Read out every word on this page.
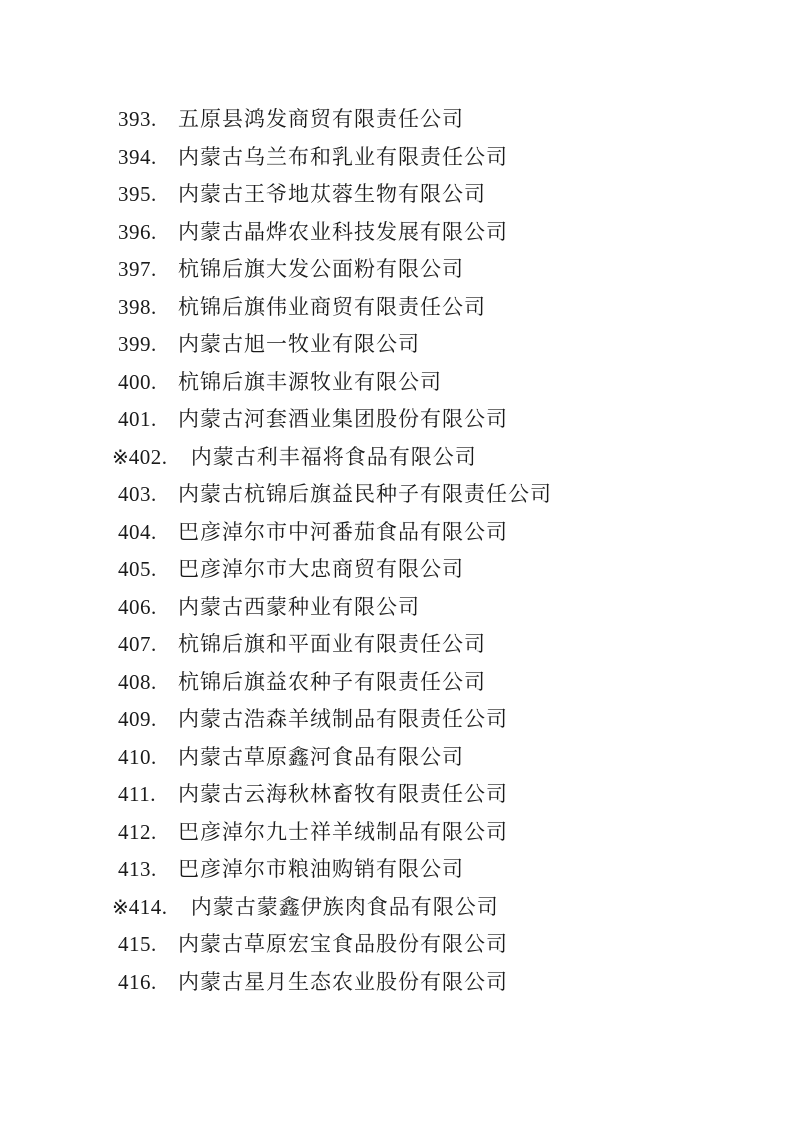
393. 五原县鸿发商贸有限责任公司
394. 内蒙古乌兰布和乳业有限责任公司
395. 内蒙古王爷地苁蓉生物有限公司
396. 内蒙古晶烨农业科技发展有限公司
397. 杭锦后旗大发公面粉有限公司
398. 杭锦后旗伟业商贸有限责任公司
399. 内蒙古旭一牧业有限公司
400. 杭锦后旗丰源牧业有限公司
401. 内蒙古河套酒业集团股份有限公司
※402. 内蒙古利丰福将食品有限公司
403. 内蒙古杭锦后旗益民种子有限责任公司
404. 巴彦淖尔市中河番茄食品有限公司
405. 巴彦淖尔市大忠商贸有限公司
406. 内蒙古西蒙种业有限公司
407. 杭锦后旗和平面业有限责任公司
408. 杭锦后旗益农种子有限责任公司
409. 内蒙古浩森羊绒制品有限责任公司
410. 内蒙古草原鑫河食品有限公司
411. 内蒙古云海秋林畜牧有限责任公司
412. 巴彦淖尔九士祥羊绒制品有限公司
413. 巴彦淖尔市粮油购销有限公司
※414. 内蒙古蒙鑫伊族肉食品有限公司
415. 内蒙古草原宏宝食品股份有限公司
416. 内蒙古星月生态农业股份有限公司
